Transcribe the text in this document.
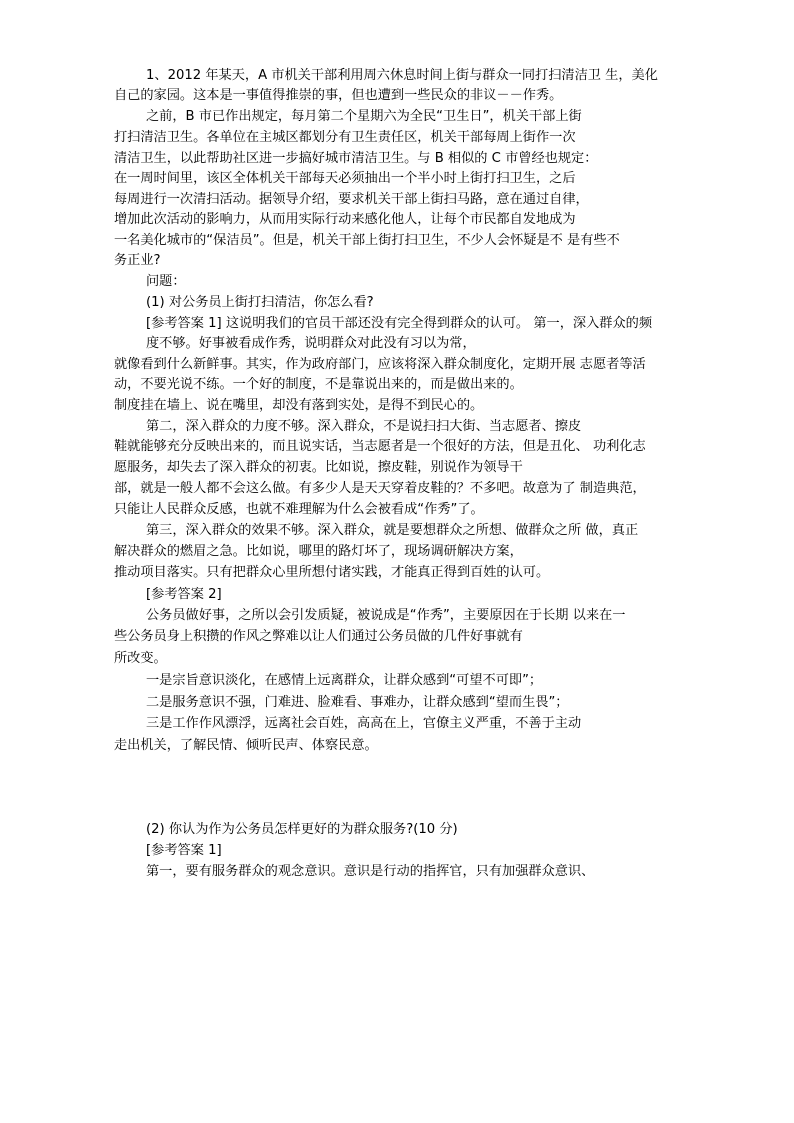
1、2012 年某天，A 市机关干部利用周六休息时间上街与群众一同打扫清洁卫 生，美化
自己的家园。这本是一事值得推崇的事，但也遭到一些民众的非议－－作秀。
之前，B 市已作出规定，每月第二个星期六为全民“卫生日”，机关干部上街
打扫清洁卫生。各单位在主城区都划分有卫生责任区，机关干部每周上街作一次
清洁卫生，以此帮助社区进一步搞好城市清洁卫生。与 B 相似的 C 市曾经也规定：
在一周时间里，该区全体机关干部每天必须抽出一个半小时上街打扫卫生，之后
每周进行一次清扫活动。据领导介绍，要求机关干部上街扫马路，意在通过自律，
增加此次活动的影响力，从而用实际行动来感化他人，让每个市民都自发地成为
一名美化城市的“保洁员”。但是，机关干部上街打扫卫生，不少人会怀疑是不 是有些不
务正业?
问题：
(1) 对公务员上街打扫清洁，你怎么看?
[参考答案 1] 这说明我们的官员干部还没有完全得到群众的认可。 第一，深入群众的频
度不够。好事被看成作秀，说明群众对此没有习以为常，
就像看到什么新鲜事。其实，作为政府部门，应该将深入群众制度化，定期开展 志愿者等活
动，不要光说不练。一个好的制度，不是靠说出来的，而是做出来的。
制度挂在墙上、说在嘴里，却没有落到实处，是得不到民心的。
第二，深入群众的力度不够。深入群众，不是说扫扫大街、当志愿者、擦皮
鞋就能够充分反映出来的，而且说实话，当志愿者是一个很好的方法，但是丑化、 功利化志
愿服务，却失去了深入群众的初衷。比如说，擦皮鞋，别说作为领导干
部，就是一般人都不会这么做。有多少人是天天穿着皮鞋的？不多吧。故意为了 制造典范，
只能让人民群众反感，也就不难理解为什么会被看成“作秀”了。
第三，深入群众的效果不够。深入群众，就是要想群众之所想、做群众之所 做，真正
解决群众的燃眉之急。比如说，哪里的路灯坏了，现场调研解决方案，
推动项目落实。只有把群众心里所想付诸实践，才能真正得到百姓的认可。
[参考答案 2]
公务员做好事，之所以会引发质疑，被说成是“作秀”，主要原因在于长期 以来在一
些公务员身上积攒的作风之弊难以让人们通过公务员做的几件好事就有
所改变。
一是宗旨意识淡化，在感情上远离群众，让群众感到“可望不可即”；
二是服务意识不强，门难进、脸难看、事难办，让群众感到“望而生畏”；
三是工作作风漂浮，远离社会百姓，高高在上，官僚主义严重，不善于主动
走出机关，了解民情、倾听民声、体察民意。
(2) 你认为作为公务员怎样更好的为群众服务?(10 分)
[参考答案 1]
第一，要有服务群众的观念意识。意识是行动的指挥官，只有加强群众意识、
